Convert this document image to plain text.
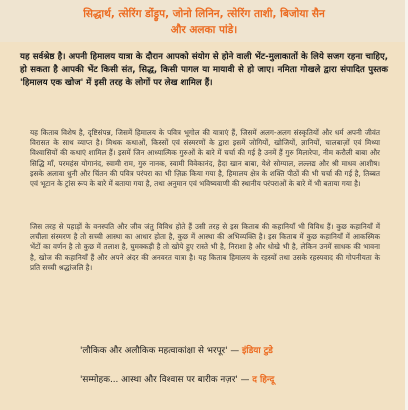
सिद्धार्थ, त्सेरिंग डोंड्रुप, जोनो लिनिन, त्सेरिंग ताशी, बिजोया सैन
और अलका पांडे।

यह सर्वश्रेष्ठ है। अपनी हिमालय यात्रा के दौरान आपको संयोग से होने वाली भेंट-मुलाकातों के लिये सजग रहना चाहिए, हो सकता है आपकी भेंट किसी संत, सिद्ध, किसी पागल या मायावी से हो जाए। नमिता गोखले द्वारा संपादित पुस्तक 'हिमालय एक खोज' में इसी तरह के लोगों पर लेख शामिल हैं।

यह किताब विशेष है, दृष्टिसंपन्न, जिसमें हिमालय के पवित्र भूगोल की यात्राएं हैं, जिसमें अलग-अलग संस्कृतियों और धर्म अपनी जीवंत विरासत के साथ व्याप्त है। मिथक कथाओं, किस्सों एवं संस्मरणों के द्वारा इसमें जोगियों, खोजियों, ज्ञानियों, चालबाज़ों एवं मिथ्या विश्वासियों की कथाएं शामिल हैं। इसमें जिन आध्यात्मिक गुरुओं के बारे में चर्चा की गई है उनमें हैं गुरु मिलारेपा, नीम करौली बाबा और सिद्धि माँ, परमहंस योगानंद, स्वामी राम, गुरु नानक, स्वामी विवेकानंद, हैदा खान बाबा, येशे सोग्याल, लल्लद्य और श्री माधव आशीष। इसके अलावा धुनी और चिंतन की पवित्र परंपरा का भी ज़िक्र किया गया है, हिमालय क्षेत्र के शक्ति पीठों की भी चर्चा की गई है, तिब्बत एवं भूटान के ट्रांस रूप के बारे में बताया गया है, तथा अनुमान एवं भविष्यवाणी की स्थानीय परंपराओं के बारे में भी बताया गया है।

जिस तरह से पहाड़ों के वनस्पति और जीव जंतु विविध होते हैं उसी तरह से इस किताब की कहानियाँ भी विविध हैं। कुछ कहानियाँ में लचीला संस्मरण है तो सच्ची आस्था का आधार होता है, कुछ में आस्था की अभिव्यक्ति है। इस किताब में कुछ कहानियाँ में आकस्मिक भेंटों का वर्णन है तो कुछ में तलाश है, घुमक्कड़ी है तो खोये हुए रास्ते भी है, निराशा है और धोखे भी है, लेकिन उनमें साधक की भावना है, खोज की कहानियाँ हैं और अपने अंदर की अनवरत यात्रा है। यह किताब हिमालय के रहस्यों तथा उसके रहस्यवाद की गोपनीयता के प्रति सच्ची श्रद्धांजलि है।

'लौकिक और अलौकिक महत्वाकांक्षा से भरपूर' — इंडिया टुडे

'सम्मोहक... आस्था और विश्वास पर बारीक नज़र' — द हिन्दू
